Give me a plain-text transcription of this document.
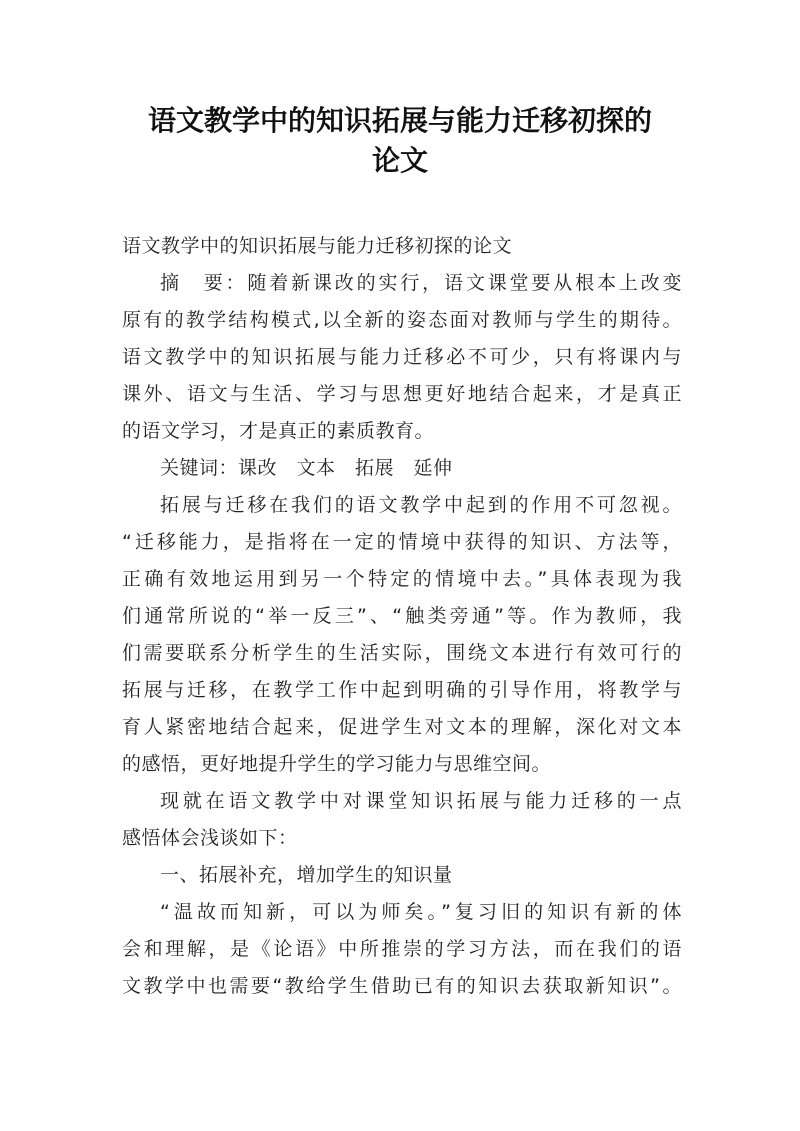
语文教学中的知识拓展与能力迁移初探的
论文
语文教学中的知识拓展与能力迁移初探的论文
摘　要：随着新课改的实行，语文课堂要从根本上改变
原有的教学结构模式,以全新的姿态面对教师与学生的期待。
语文教学中的知识拓展与能力迁移必不可少，只有将课内与
课外、语文与生活、学习与思想更好地结合起来，才是真正
的语文学习，才是真正的素质教育。
关键词：课改　文本　拓展　延伸
拓展与迁移在我们的语文教学中起到的作用不可忽视。
“迁移能力，是指将在一定的情境中获得的知识、方法等，
正确有效地运用到另一个特定的情境中去。”具体表现为我
们通常所说的“举一反三”、“触类旁通”等。作为教师，我
们需要联系分析学生的生活实际，围绕文本进行有效可行的
拓展与迁移，在教学工作中起到明确的引导作用，将教学与
育人紧密地结合起来，促进学生对文本的理解，深化对文本
的感悟，更好地提升学生的学习能力与思维空间。
现就在语文教学中对课堂知识拓展与能力迁移的一点
感悟体会浅谈如下：
一、拓展补充，增加学生的知识量
“温故而知新，可以为师矣。”复习旧的知识有新的体
会和理解，是《论语》中所推崇的学习方法，而在我们的语
文教学中也需要“教给学生借助已有的知识去获取新知识”。
